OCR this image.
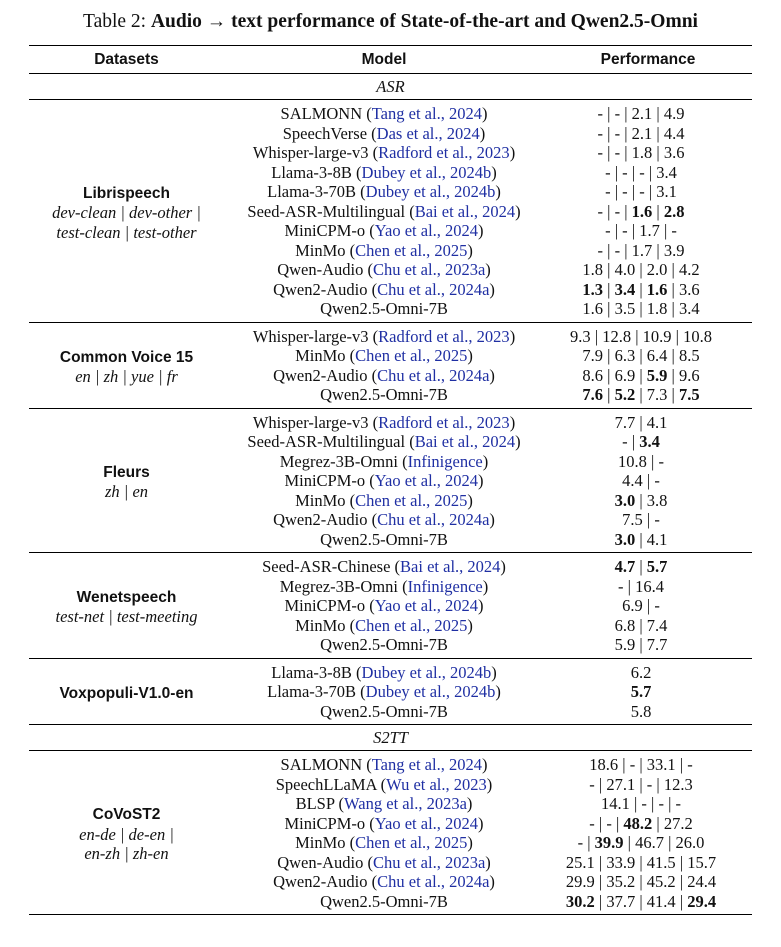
Table 2: Audio → text performance of State-of-the-art and Qwen2.5-Omni
Datasets	Model	Performance
ASR		

Librispeech
dev-clean | dev-other |
test-clean | test-other	SALMONN (Tang et al., 2024)	- | - | 2.1 | 4.9
	SpeechVerse (Das et al., 2024)	- | - | 2.1 | 4.4
	Whisper-large-v3 (Radford et al., 2023)	- | - | 1.8 | 3.6
	Llama-3-8B (Dubey et al., 2024b)	- | - | - | 3.4
	Llama-3-70B (Dubey et al., 2024b)	- | - | - | 3.1
	Seed-ASR-Multilingual (Bai et al., 2024)	- | - | 1.6 | 2.8
	MiniCPM-o (Yao et al., 2024)	- | - | 1.7 | -
	MinMo (Chen et al., 2025)	- | - | 1.7 | 3.9
	Qwen-Audio (Chu et al., 2023a)	1.8 | 4.0 | 2.0 | 4.2
	Qwen2-Audio (Chu et al., 2024a)	1.3 | 3.4 | 1.6 | 3.6
	Qwen2.5-Omni-7B	1.6 | 3.5 | 1.8 | 3.4

Common Voice 15
en | zh | yue | fr	Whisper-large-v3 (Radford et al., 2023)	9.3 | 12.8 | 10.9 | 10.8
	MinMo (Chen et al., 2025)	7.9 | 6.3 | 6.4 | 8.5
	Qwen2-Audio (Chu et al., 2024a)	8.6 | 6.9 | 5.9 | 9.6
	Qwen2.5-Omni-7B	7.6 | 5.2 | 7.3 | 7.5

Fleurs
zh | en	Whisper-large-v3 (Radford et al., 2023)	7.7 | 4.1
	Seed-ASR-Multilingual (Bai et al., 2024)	- | 3.4
	Megrez-3B-Omni (Infinigence)	10.8 | -
	MiniCPM-o (Yao et al., 2024)	4.4 | -
	MinMo (Chen et al., 2025)	3.0 | 3.8
	Qwen2-Audio (Chu et al., 2024a)	7.5 | -
	Qwen2.5-Omni-7B	3.0 | 4.1

Wenetspeech
test-net | test-meeting	Seed-ASR-Chinese (Bai et al., 2024)	4.7 | 5.7
	Megrez-3B-Omni (Infinigence)	- | 16.4
	MiniCPM-o (Yao et al., 2024)	6.9 | -
	MinMo (Chen et al., 2025)	6.8 | 7.4
	Qwen2.5-Omni-7B	5.9 | 7.7

Voxpopuli-V1.0-en	Llama-3-8B (Dubey et al., 2024b)	6.2
	Llama-3-70B (Dubey et al., 2024b)	5.7
	Qwen2.5-Omni-7B	5.8
S2TT		

CoVoST2
en-de | de-en |
en-zh | zh-en	SALMONN (Tang et al., 2024)	18.6 | - | 33.1 | -
	SpeechLLaMA (Wu et al., 2023)	- | 27.1 | - | 12.3
	BLSP (Wang et al., 2023a)	14.1 | - | - | -
	MiniCPM-o (Yao et al., 2024)	- | - | 48.2 | 27.2
	MinMo (Chen et al., 2025)	- | 39.9 | 46.7 | 26.0
	Qwen-Audio (Chu et al., 2023a)	25.1 | 33.9 | 41.5 | 15.7
	Qwen2-Audio (Chu et al., 2024a)	29.9 | 35.2 | 45.2 | 24.4
	Qwen2.5-Omni-7B	30.2 | 37.7 | 41.4 | 29.4
